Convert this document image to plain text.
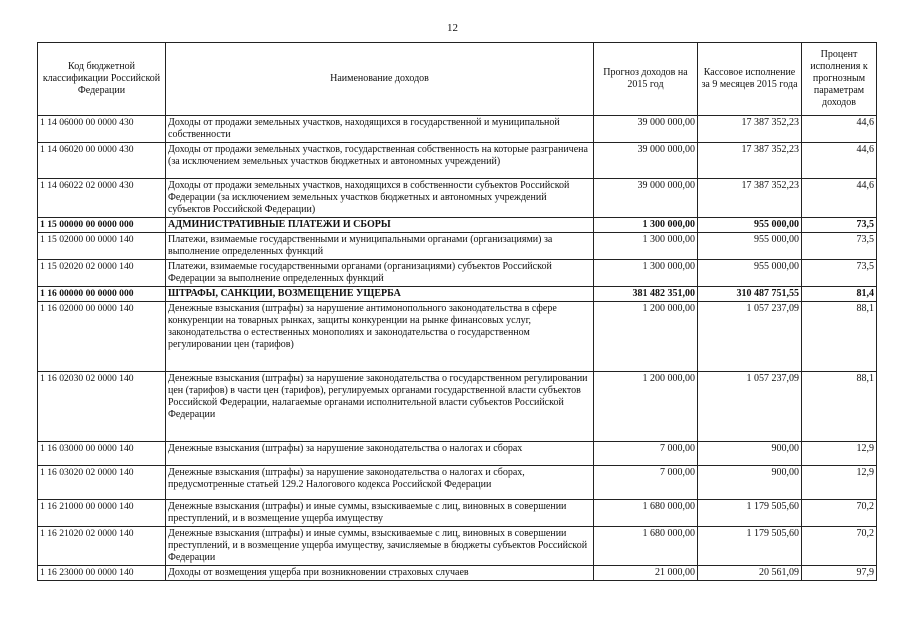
12
Код бюджетной классификации Российской Федерации	Наименование доходов	Прогноз доходов на 2015 год	Кассовое исполнение за 9 месяцев 2015 года	Процент исполнения к прогнозным параметрам доходов
1 14 06000 00 0000 430	Доходы от продажи земельных участков, находящихся в государственной и муниципальной собственности	39 000 000,00	17 387 352,23	44,6
1 14 06020 00 0000 430	Доходы от продажи земельных участков, государственная собственность на которые разграничена (за исключением земельных участков бюджетных и автономных учреждений)	39 000 000,00	17 387 352,23	44,6
1 14 06022 02 0000 430	Доходы от продажи земельных участков, находящихся в собственности субъектов Российской Федерации (за исключением земельных участков бюджетных и автономных учреждений субъектов Российской Федерации)	39 000 000,00	17 387 352,23	44,6
1 15 00000 00 0000 000	АДМИНИСТРАТИВНЫЕ ПЛАТЕЖИ И СБОРЫ	1 300 000,00	955 000,00	73,5
1 15 02000 00 0000 140	Платежи, взимаемые государственными и муниципальными органами (организациями) за выполнение определенных функций	1 300 000,00	955 000,00	73,5
1 15 02020 02 0000 140	Платежи, взимаемые государственными органами (организациями) субъектов Российской Федерации за выполнение определенных функций	1 300 000,00	955 000,00	73,5
1 16 00000 00 0000 000	ШТРАФЫ, САНКЦИИ, ВОЗМЕЩЕНИЕ УЩЕРБА	381 482 351,00	310 487 751,55	81,4
1 16 02000 00 0000 140	Денежные взыскания (штрафы) за нарушение антимонопольного законодательства в сфере конкуренции на товарных рынках, защиты конкуренции на рынке финансовых услуг, законодательства о естественных монополиях и законодательства о государственном регулировании цен (тарифов)	1 200 000,00	1 057 237,09	88,1
1 16 02030 02 0000 140	Денежные взыскания (штрафы) за нарушение законодательства о государственном регулировании цен (тарифов) в части цен (тарифов), регулируемых органами государственной власти субъектов Российской Федерации, налагаемые органами исполнительной власти субъектов Российской Федерации	1 200 000,00	1 057 237,09	88,1
1 16 03000 00 0000 140	Денежные взыскания (штрафы) за нарушение законодательства о налогах и сборах	7 000,00	900,00	12,9
1 16 03020 02 0000 140	Денежные взыскания (штрафы) за нарушение законодательства о налогах и сборах, предусмотренные статьей 129.2 Налогового кодекса Российской Федерации	7 000,00	900,00	12,9
1 16 21000 00 0000 140	Денежные взыскания (штрафы) и иные суммы, взыскиваемые с лиц, виновных в совершении преступлений, и в возмещение ущерба имуществу	1 680 000,00	1 179 505,60	70,2
1 16 21020 02 0000 140	Денежные взыскания (штрафы) и иные суммы, взыскиваемые с лиц, виновных в совершении преступлений, и в возмещение ущерба имуществу, зачисляемые в бюджеты субъектов Российской Федерации	1 680 000,00	1 179 505,60	70,2
1 16 23000 00 0000 140	Доходы от возмещения ущерба при возникновении страховых случаев	21 000,00	20 561,09	97,9
